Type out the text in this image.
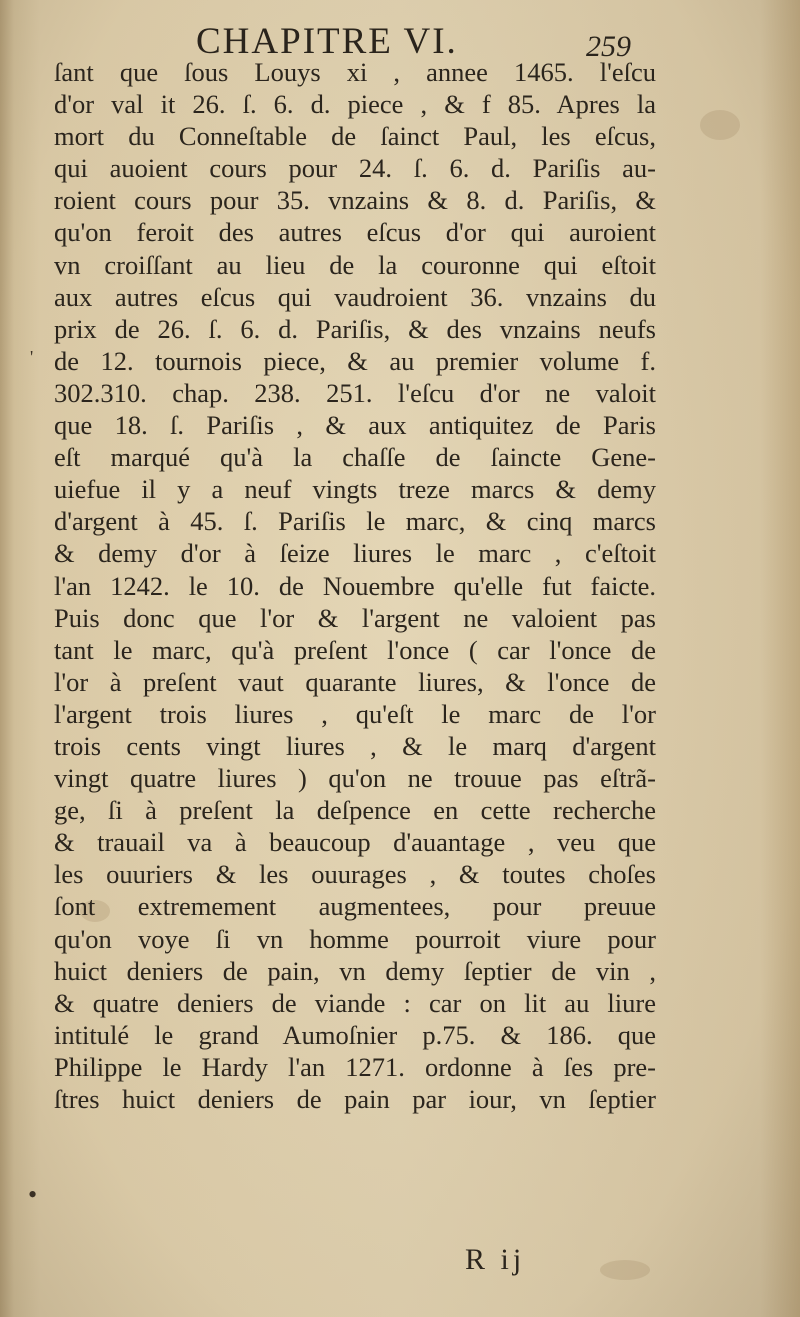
CHAPITRE VI.	259
'
•
ſant que ſous Louys xi , annee 1465. l'eſcu
d'or val it 26. ſ. 6. d. piece , & f 85. Apres la
mort du Conneſtable de ſainct Paul, les eſcus,
qui auoient cours pour 24. ſ. 6. d. Pariſis au-
roient cours pour 35. vnzains & 8. d. Pariſis, &
qu'on feroit des autres eſcus d'or qui auroient
vn croiſſant au lieu de la couronne qui eſtoit
aux autres eſcus qui vaudroient 36. vnzains du
prix de 26. ſ. 6. d. Pariſis, & des vnzains neufs
de 12. tournois piece, & au premier volume f.
302.310. chap. 238. 251. l'eſcu d'or ne valoit
que 18. ſ. Pariſis , & aux antiquitez de Paris
eſt marqué qu'à la chaſſe de ſaincte Gene-
uiefue il y a neuf vingts treze marcs & demy
d'argent à 45. ſ. Pariſis le marc, & cinq marcs
& demy d'or à ſeize liures le marc , c'eſtoit
l'an 1242. le 10. de Nouembre qu'elle fut faicte.
Puis donc que l'or & l'argent ne valoient pas
tant le marc, qu'à preſent l'once ( car l'once de
l'or à preſent vaut quarante liures, & l'once de
l'argent trois liures , qu'eſt le marc de l'or
trois cents vingt liures , & le marq d'argent
vingt quatre liures ) qu'on ne trouue pas eſtrã-
ge, ſi à preſent la deſpence en cette recherche
& trauail va à beaucoup d'auantage , veu que
les ouuriers & les ouurages , & toutes choſes
ſont extremement augmentees, pour preuue
qu'on voye ſi vn homme pourroit viure pour
huict deniers de pain, vn demy ſeptier de vin ,
& quatre deniers de viande : car on lit au liure
intitulé le grand Aumoſnier p.75. & 186. que
Philippe le Hardy l'an 1271. ordonne à ſes pre-
ſtres huict deniers de pain par iour, vn ſeptier
R ij
